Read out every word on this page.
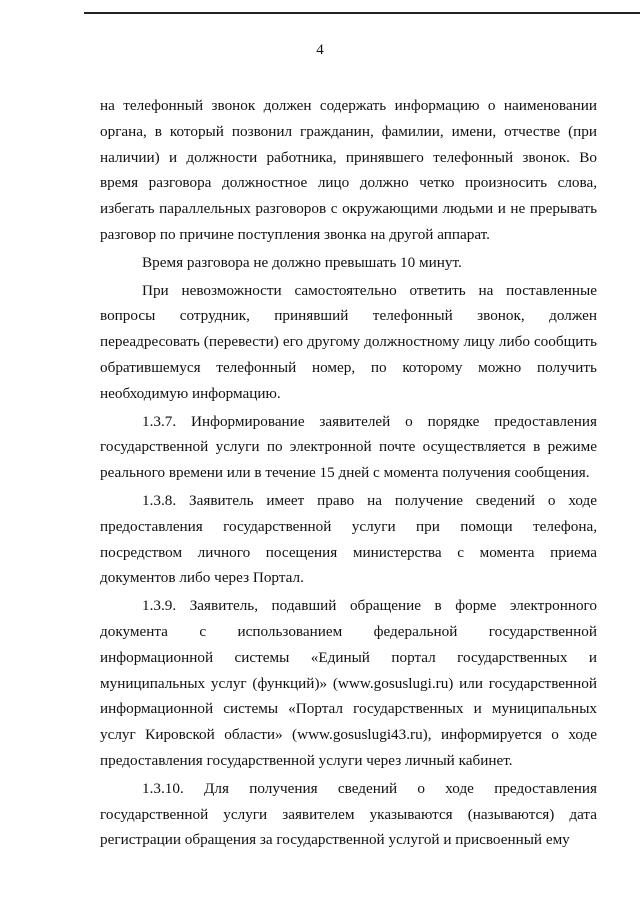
4

на телефонный звонок должен содержать информацию о наименовании органа, в который позвонил гражданин, фамилии, имени, отчестве (при наличии) и должности работника, принявшего телефонный звонок. Во время разговора должностное лицо должно четко произносить слова, избегать параллельных разговоров с окружающими людьми и не прерывать разговор по причине поступления звонка на другой аппарат.

Время разговора не должно превышать 10 минут.

При невозможности самостоятельно ответить на поставленные вопросы сотрудник, принявший телефонный звонок, должен переадресовать (перевести) его другому должностному лицу либо сообщить обратившемуся телефонный номер, по которому можно получить необходимую информацию.

1.3.7. Информирование заявителей о порядке предоставления государственной услуги по электронной почте осуществляется в режиме реального времени или в течение 15 дней с момента получения сообщения.

1.3.8. Заявитель имеет право на получение сведений о ходе предоставления государственной услуги при помощи телефона, посредством личного посещения министерства с момента приема документов либо через Портал.

1.3.9. Заявитель, подавший обращение в форме электронного документа с использованием федеральной государственной информационной системы «Единый портал государственных и муниципальных услуг (функций)» (www.gosuslugi.ru) или государственной информационной системы «Портал государственных и муниципальных услуг Кировской области» (www.gosuslugi43.ru), информируется о ходе предоставления государственной услуги через личный кабинет.

1.3.10. Для получения сведений о ходе предоставления государственной услуги заявителем указываются (называются) дата регистрации обращения за государственной услугой и присвоенный ему
